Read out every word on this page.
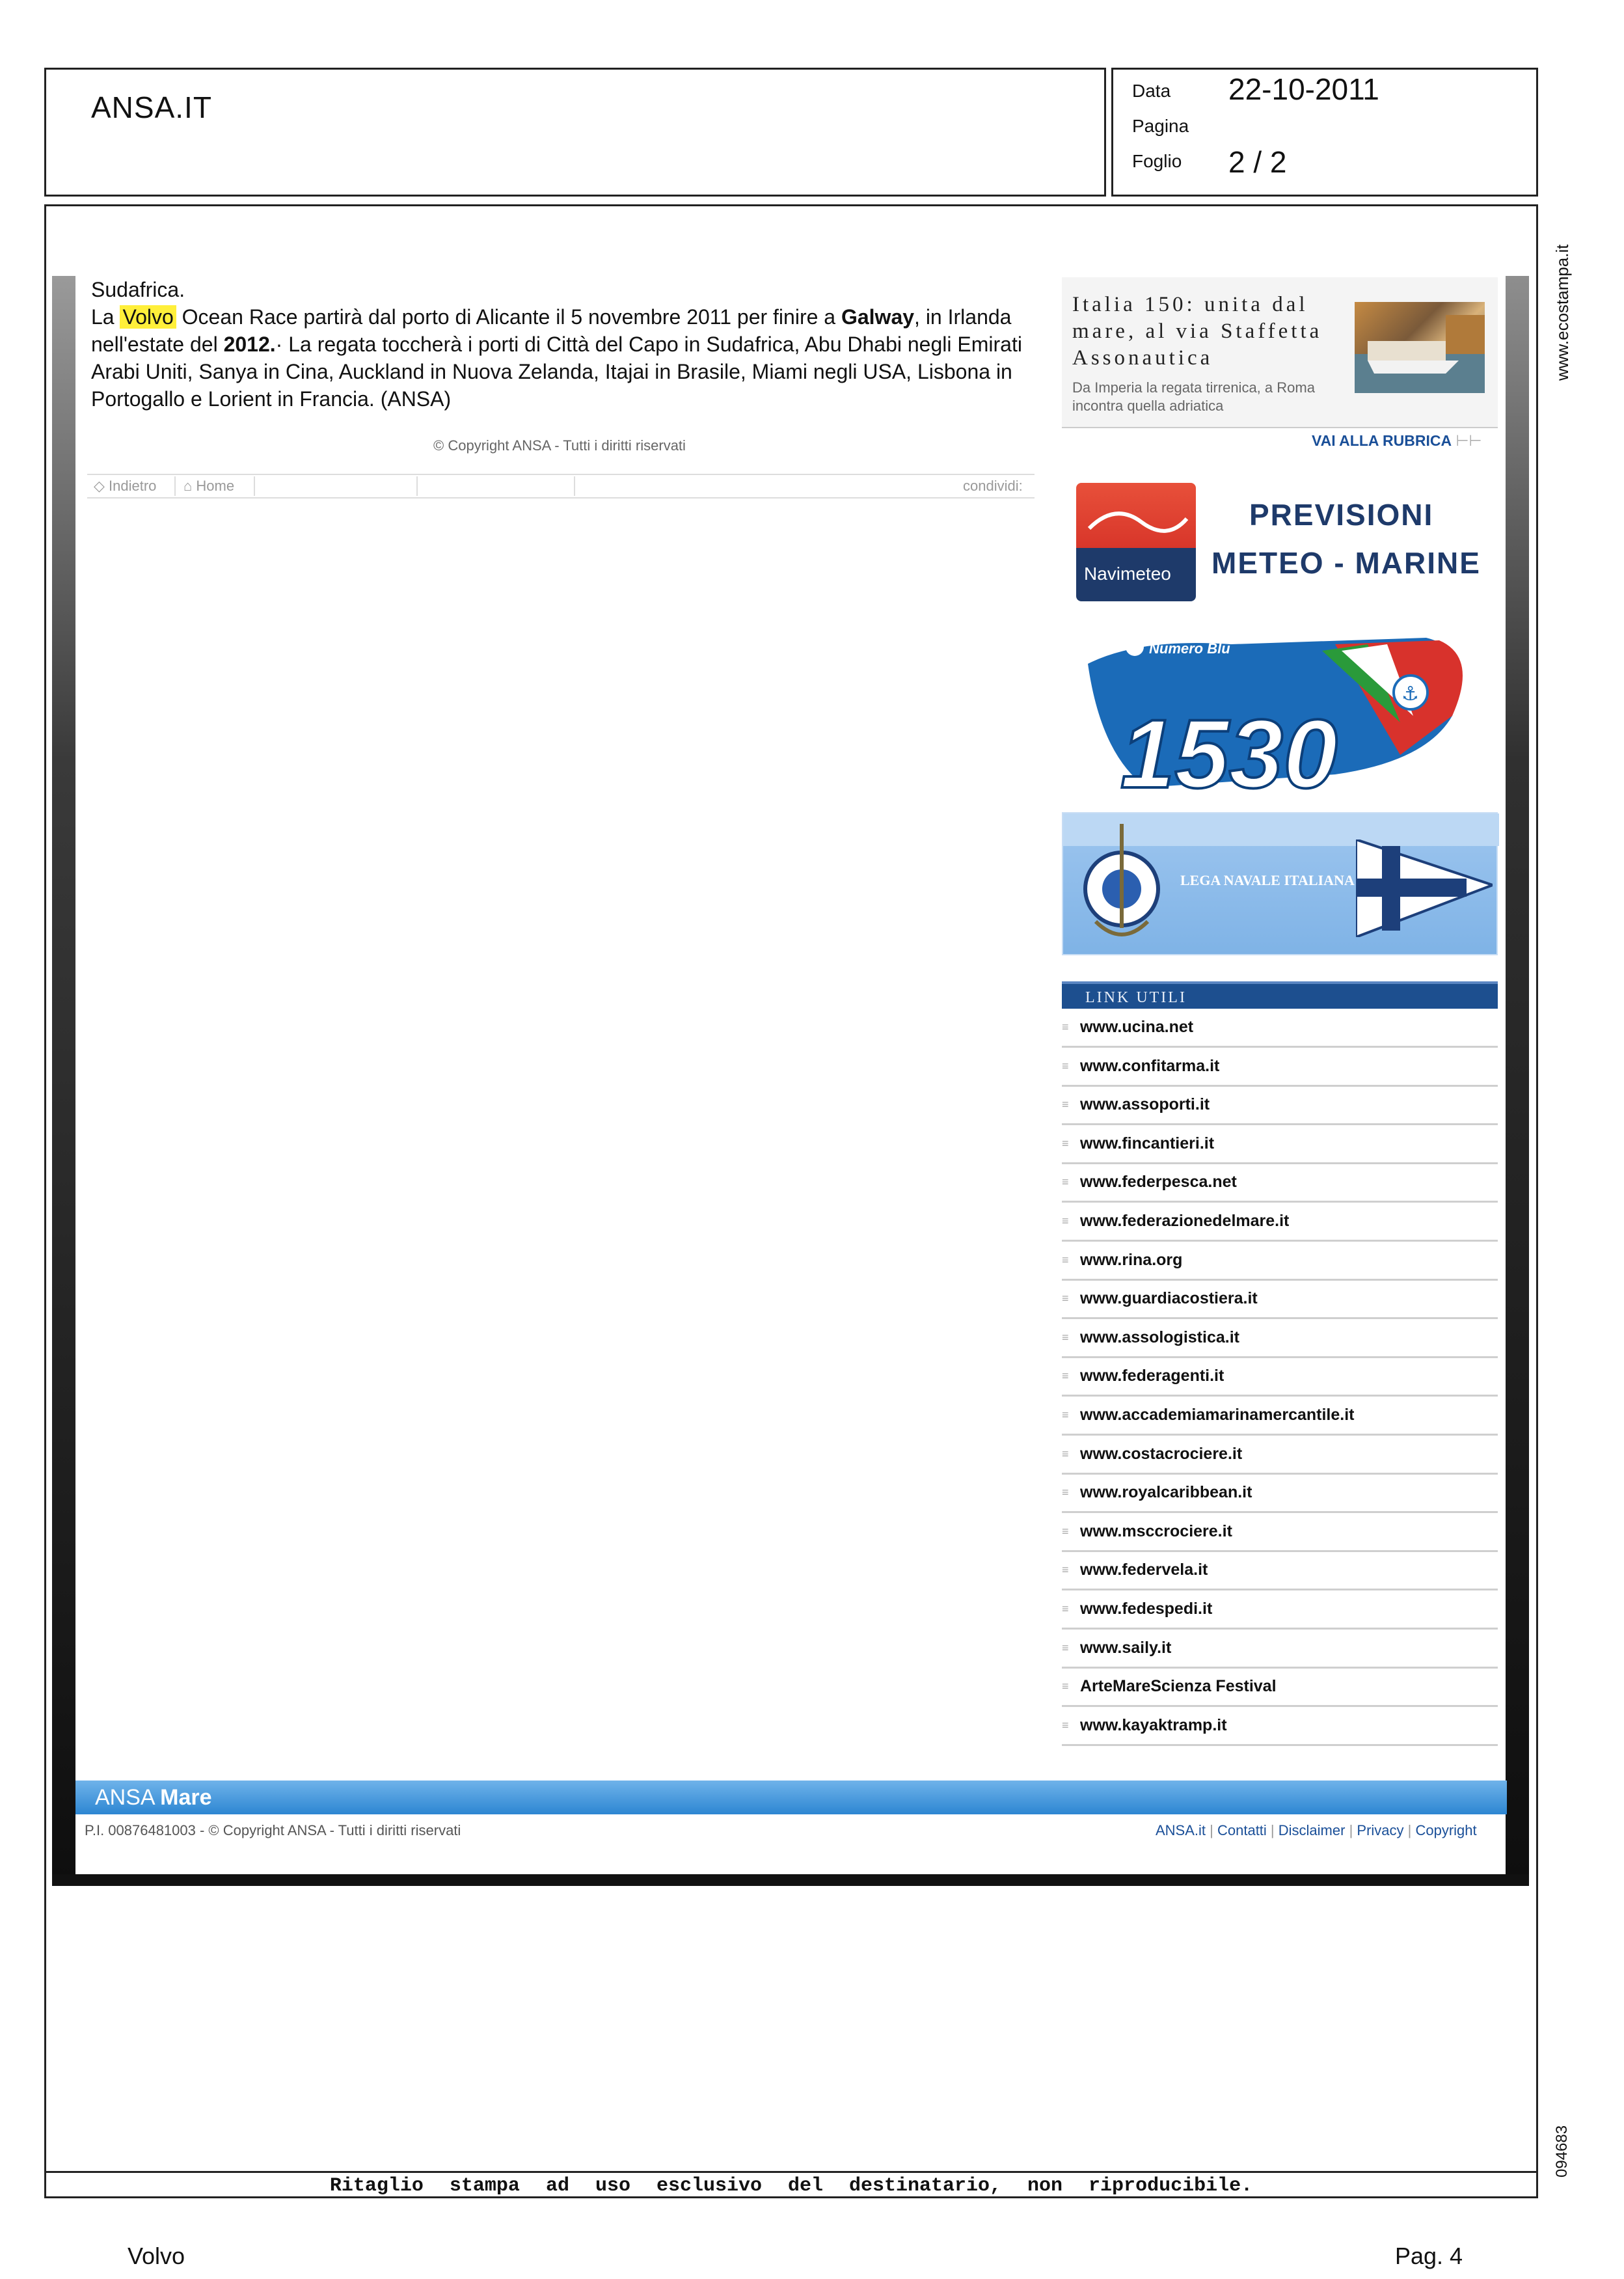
ANSA.IT	Data 22-10-2011
Pagina
Foglio 2 / 2
www.ecostampa.it
094683
Sudafrica.
La Volvo Ocean Race partirà dal porto di Alicante il 5 novembre 2011 per finire a Galway, in Irlanda nell'estate del 2012.· La regata toccherà i porti di Città del Capo in Sudafrica, Abu Dhabi negli Emirati Arabi Uniti, Sanya in Cina, Auckland in Nuova Zelanda, Itajai in Brasile, Miami negli USA, Lisbona in Portogallo e Lorient in Francia. (ANSA)
© Copyright ANSA - Tutti i diritti riservati
◇ Indietro ⌂ Home	condividi:
Italia 150: unita dal mare, al via Staffetta Assonautica
Da Imperia la regata tirrenica, a Roma incontra quella adriatica
VAI ALLA RUBRICA ⊢⊢
Navimeteo
PREVISIONI
METEO - MARINE
⚓
Numero Blu
1530
LEGA NAVALE ITALIANA
LINK UTILI
≡ www.ucina.net
≡ www.confitarma.it
≡ www.assoporti.it
≡ www.fincantieri.it
≡ www.federpesca.net
≡ www.federazionedelmare.it
≡ www.rina.org
≡ www.guardiacostiera.it
≡ www.assologistica.it
≡ www.federagenti.it
≡ www.accademiamarinamercantile.it
≡ www.costacrociere.it
≡ www.royalcaribbean.it
≡ www.msccrociere.it
≡ www.federvela.it
≡ www.fedespedi.it
≡ www.saily.it
≡ ArteMareScienza Festival
≡ www.kayaktramp.it
ANSA Mare
P.I. 00876481003 - © Copyright ANSA - Tutti i diritti riservati	ANSA.it | Contatti | Disclaimer | Privacy | Copyright
Ritaglio stampa ad uso esclusivo del destinatario, non riproducibile.
Volvo	Pag. 4
